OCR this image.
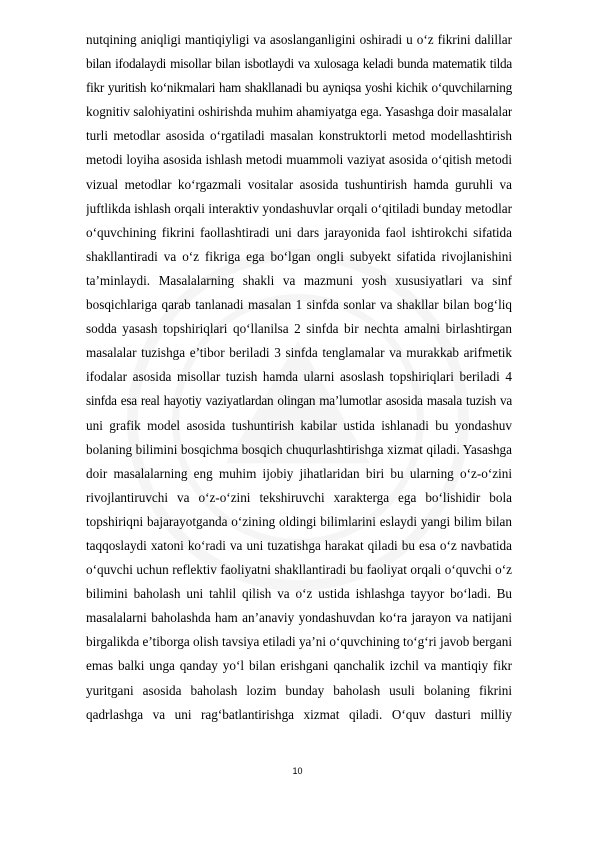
nutqining aniqligi mantiqiyligi va asoslanganligini oshiradi u o‘z fikrini dalillar
bilan ifodalaydi misollar bilan isbotlaydi va xulosaga keladi bunda matematik tilda
fikr yuritish ko‘nikmalari ham shakllanadi bu ayniqsa yoshi kichik o‘quvchilarning
kognitiv salohiyatini oshirishda muhim ahamiyatga ega. Yasashga doir masalalar
turli metodlar asosida o‘rgatiladi masalan konstruktorli metod modellashtirish
metodi loyiha asosida ishlash metodi muammoli vaziyat asosida o‘qitish metodi
vizual metodlar ko‘rgazmali vositalar asosida tushuntirish hamda guruhli va
juftlikda ishlash orqali interaktiv yondashuvlar orqali o‘qitiladi bunday metodlar
o‘quvchining fikrini faollashtiradi uni dars jarayonida faol ishtirokchi sifatida
shakllantiradi va o‘z fikriga ega bo‘lgan ongli subyekt sifatida rivojlanishini
ta’minlaydi. Masalalarning shakli va mazmuni yosh xususiyatlari va sinf
bosqichlariga qarab tanlanadi masalan 1 sinfda sonlar va shakllar bilan bog‘liq
sodda yasash topshiriqlari qo‘llanilsa 2 sinfda bir nechta amalni birlashtirgan
masalalar tuzishga e’tibor beriladi 3 sinfda tenglamalar va murakkab arifmetik
ifodalar asosida misollar tuzish hamda ularni asoslash topshiriqlari beriladi 4
sinfda esa real hayotiy vaziyatlardan olingan ma’lumotlar asosida masala tuzish va
uni grafik model asosida tushuntirish kabilar ustida ishlanadi bu yondashuv
bolaning bilimini bosqichma bosqich chuqurlashtirishga xizmat qiladi. Yasashga
doir masalalarning eng muhim ijobiy jihatlaridan biri bu ularning o‘z-o‘zini
rivojlantiruvchi va o‘z-o‘zini tekshiruvchi xarakterga ega bo‘lishidir bola
topshiriqni bajarayotganda o‘zining oldingi bilimlarini eslaydi yangi bilim bilan
taqqoslaydi xatoni ko‘radi va uni tuzatishga harakat qiladi bu esa o‘z navbatida
o‘quvchi uchun reflektiv faoliyatni shakllantiradi bu faoliyat orqali o‘quvchi o‘z
bilimini baholash uni tahlil qilish va o‘z ustida ishlashga tayyor bo‘ladi. Bu
masalalarni baholashda ham an’anaviy yondashuvdan ko‘ra jarayon va natijani
birgalikda e’tiborga olish tavsiya etiladi ya’ni o‘quvchining to‘g‘ri javob bergani
emas balki unga qanday yo‘l bilan erishgani qanchalik izchil va mantiqiy fikr
yuritgani asosida baholash lozim bunday baholash usuli bolaning fikrini
qadrlashga va uni rag‘batlantirishga xizmat qiladi. O‘quv dasturi milliy
10
